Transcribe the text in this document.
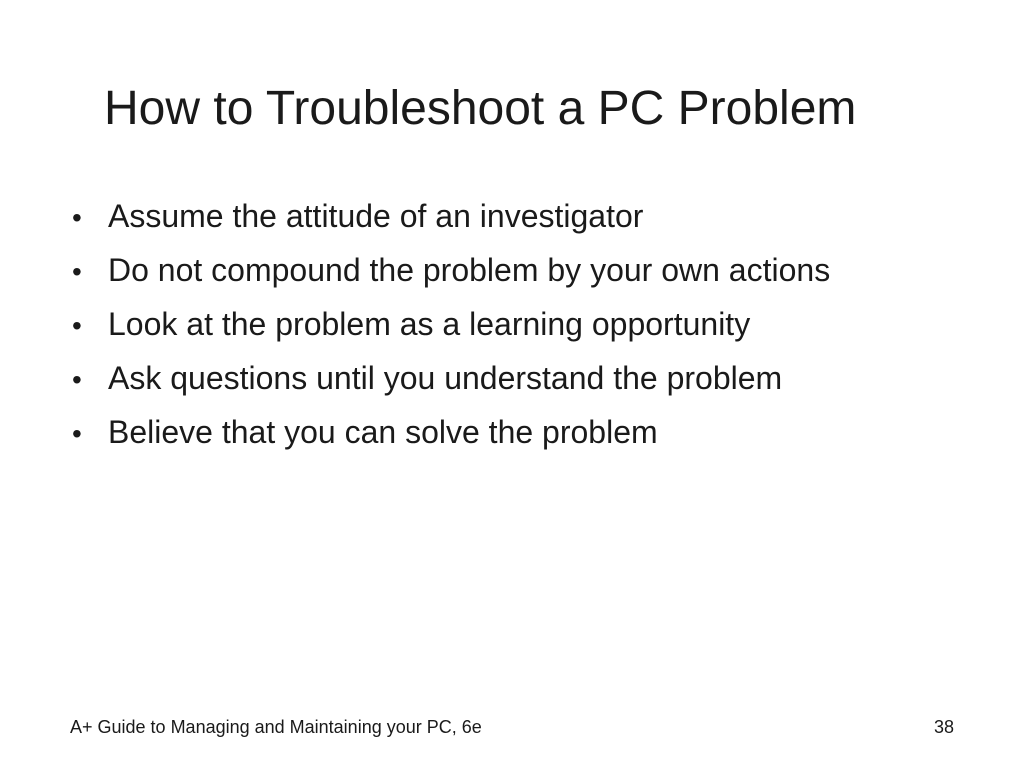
How to Troubleshoot a PC Problem
• Assume the attitude of an investigator
• Do not compound the problem by your own actions
• Look at the problem as a learning opportunity
• Ask questions until you understand the problem
• Believe that you can solve the problem
A+ Guide to Managing and Maintaining your PC, 6e	38
